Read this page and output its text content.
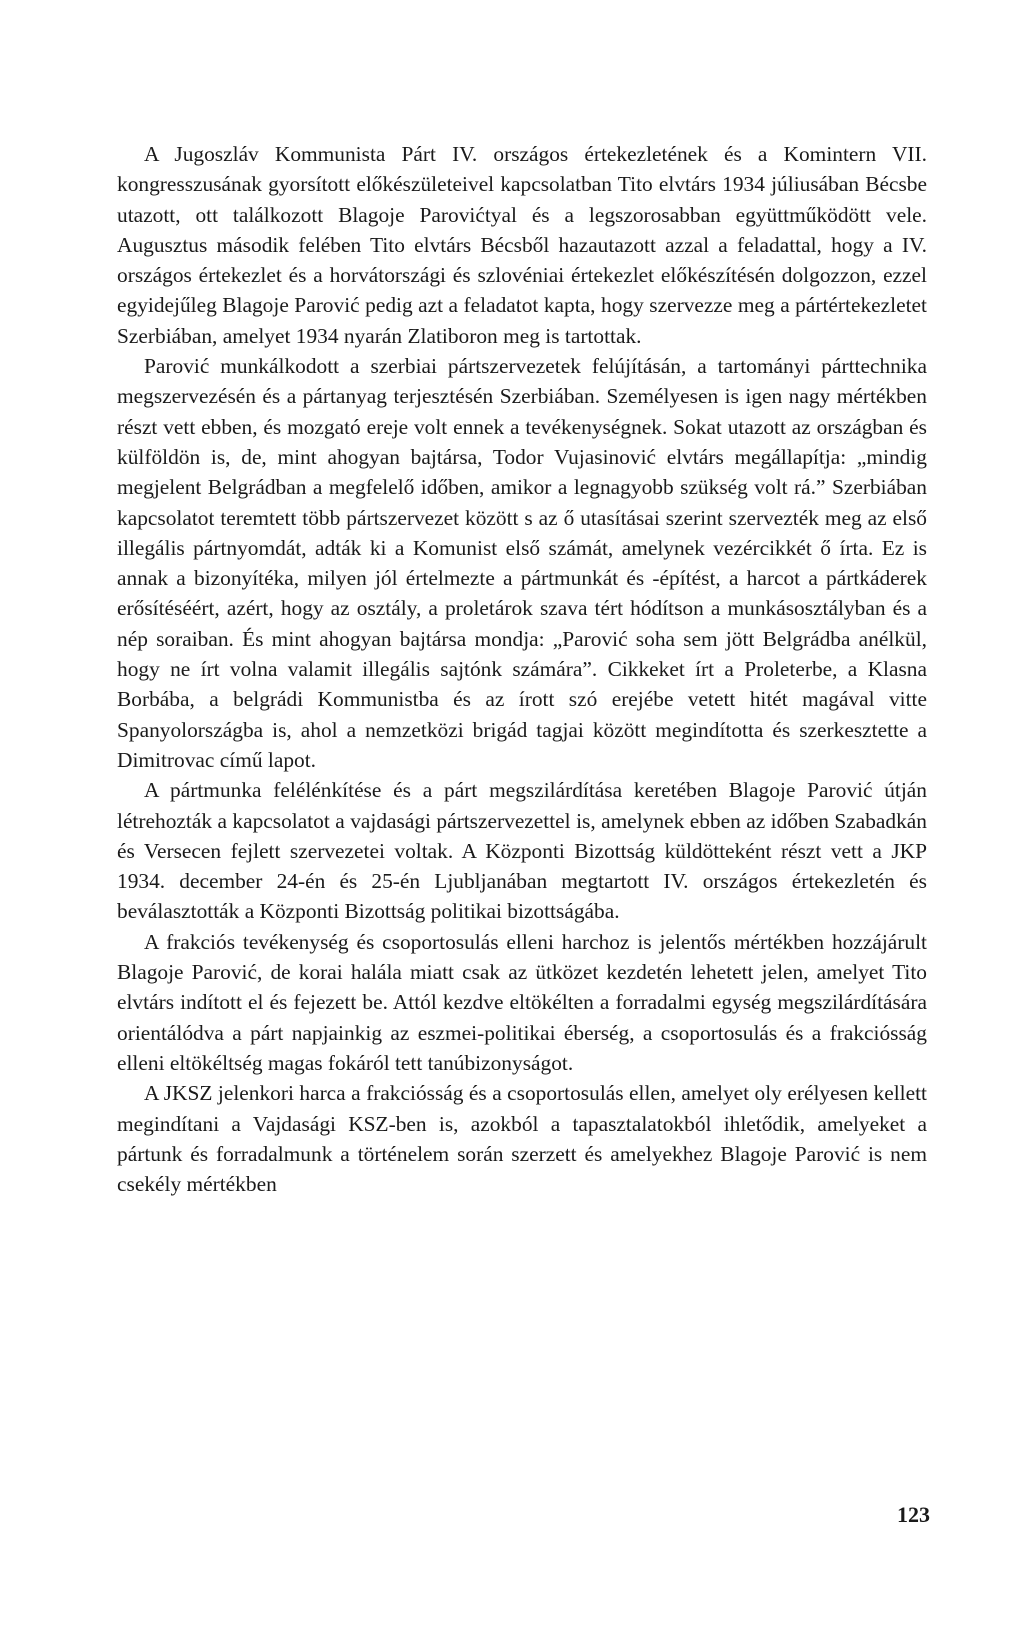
A Jugoszláv Kommunista Párt IV. országos értekezletének és a Komintern VII. kongresszusának gyorsított előkészületeivel kapcsolatban Tito elvtárs 1934 júliusában Bécsbe utazott, ott találkozott Blagoje Parovićtyal és a legszorosabban együttműködött vele. Augusztus második felében Tito elvtárs Bécsből hazautazott azzal a feladattal, hogy a IV. országos értekezlet és a horvátországi és szlovéniai értekezlet előkészítésén dolgozzon, ezzel egyidejűleg Blagoje Parović pedig azt a feladatot kapta, hogy szervezze meg a pártértekezletet Szerbiában, amelyet 1934 nyarán Zlatiboron meg is tartottak.

Parović munkálkodott a szerbiai pártszervezetek felújításán, a tartományi párttechnika megszervezésén és a pártanyag terjesztésén Szerbiában. Személyesen is igen nagy mértékben részt vett ebben, és mozgató ereje volt ennek a tevékenységnek. Sokat utazott az országban és külföldön is, de, mint ahogyan bajtársa, Todor Vujasinović elvtárs megállapítja: „mindig megjelent Belgrádban a megfelelő időben, amikor a legnagyobb szükség volt rá.” Szerbiában kapcsolatot teremtett több pártszervezet között s az ő utasításai szerint szervezték meg az első illegális pártnyomdát, adták ki a Komunist első számát, amelynek vezércikkét ő írta. Ez is annak a bizonyítéka, milyen jól értelmezte a pártmunkát és -építést, a harcot a pártkáderek erősítéséért, azért, hogy az osztály, a proletárok szava tért hódítson a munkásosztályban és a nép soraiban. És mint ahogyan bajtársa mondja: „Parović soha sem jött Belgrádba anélkül, hogy ne írt volna valamit illegális sajtónk számára”. Cikkeket írt a Proleterbe, a Klasna Borbába, a belgrádi Kommunistba és az írott szó erejébe vetett hitét magával vitte Spanyolországba is, ahol a nemzetközi brigád tagjai között megindította és szerkesztette a Dimitrovac című lapot.

A pártmunka felélénkítése és a párt megszilárdítása keretében Blagoje Parović útján létrehozták a kapcsolatot a vajdasági pártszervezettel is, amelynek ebben az időben Szabadkán és Versecen fejlett szervezetei voltak. A Központi Bizottság küldötteként részt vett a JKP 1934. december 24-én és 25-én Ljubljanában megtartott IV. országos értekezletén és beválasztották a Központi Bizottság politikai bizottságába.

A frakciós tevékenység és csoportosulás elleni harchoz is jelentős mértékben hozzájárult Blagoje Parović, de korai halála miatt csak az ütközet kezdetén lehetett jelen, amelyet Tito elvtárs indított el és fejezett be. Attól kezdve eltökélten a forradalmi egység megszilárdítására orientálódva a párt napjainkig az eszmei-politikai éberség, a csoportosulás és a frakciósság elleni eltökéltség magas fokáról tett tanúbizonyságot.

A JKSZ jelenkori harca a frakciósság és a csoportosulás ellen, amelyet oly erélyesen kellett megindítani a Vajdasági KSZ-ben is, azokból a tapasztalatokból ihletődik, amelyeket a pártunk és forradalmunk a történelem során szerzett és amelyekhez Blagoje Parović is nem csekély mértékben

123
